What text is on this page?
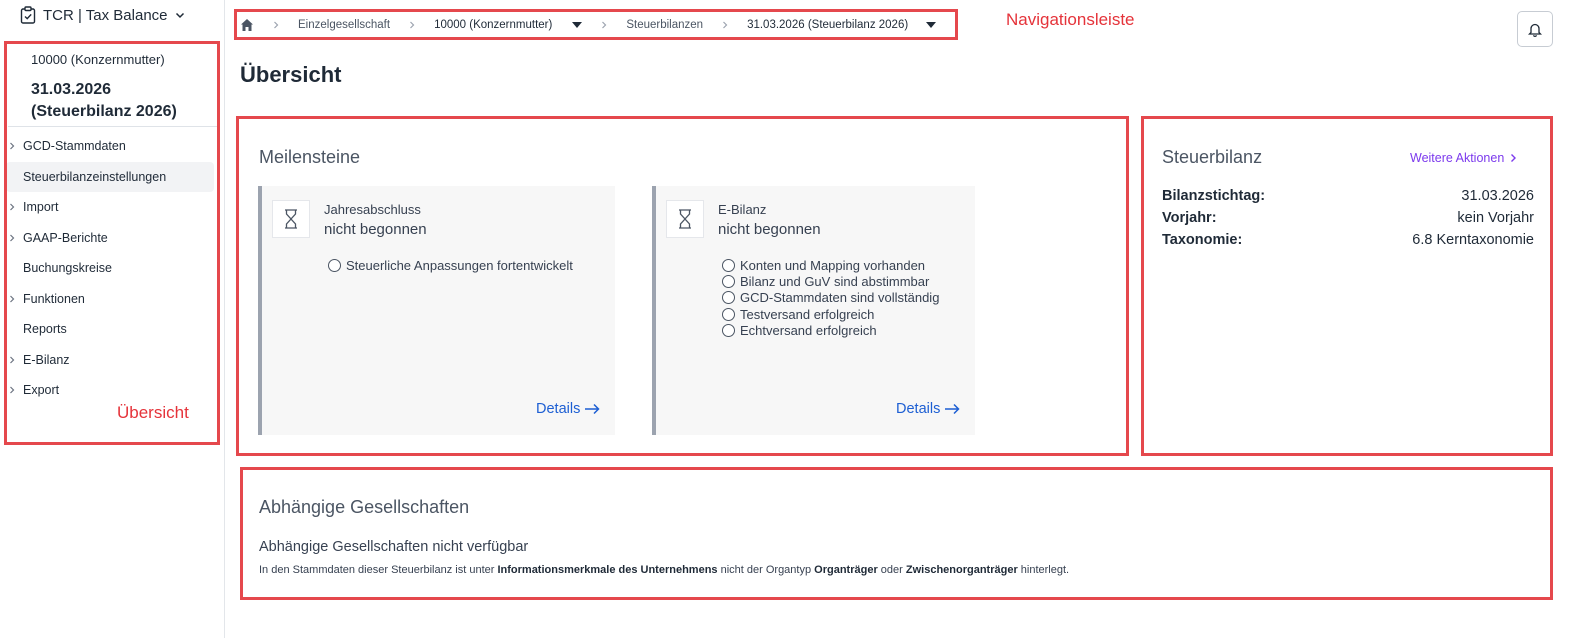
TCR | Tax Balance
10000 (Konzernmutter)
31.03.2026
(Steuerbilanz 2026)
GCD-Stammdaten
Steuerbilanzeinstellungen
Import
GAAP-Berichte
Buchungskreise
Funktionen
Reports
E-Bilanz
Export
Einzelgesellschaft	10000 (Konzernmutter)	Steuerbilanzen	31.03.2026 (Steuerbilanz 2026)
Übersicht
Meilensteine
Jahresabschluss
nicht begonnen
Steuerliche Anpassungen fortentwickelt
Details
E-Bilanz
nicht begonnen
Konten und Mapping vorhanden
Bilanz und GuV sind abstimmbar
GCD-Stammdaten sind vollständig
Testversand erfolgreich
Echtversand erfolgreich
Details
Steuerbilanz	Weitere Aktionen
Bilanzstichtag:	31.03.2026
Vorjahr:	kein Vorjahr
Taxonomie:	6.8 Kerntaxonomie
Abhängige Gesellschaften
Abhängige Gesellschaften nicht verfügbar
In den Stammdaten dieser Steuerbilanz ist unter Informationsmerkmale des Unternehmens nicht der Organtyp Organträger oder Zwischenorganträger hinterlegt.
Navigationsleiste
Übersicht
